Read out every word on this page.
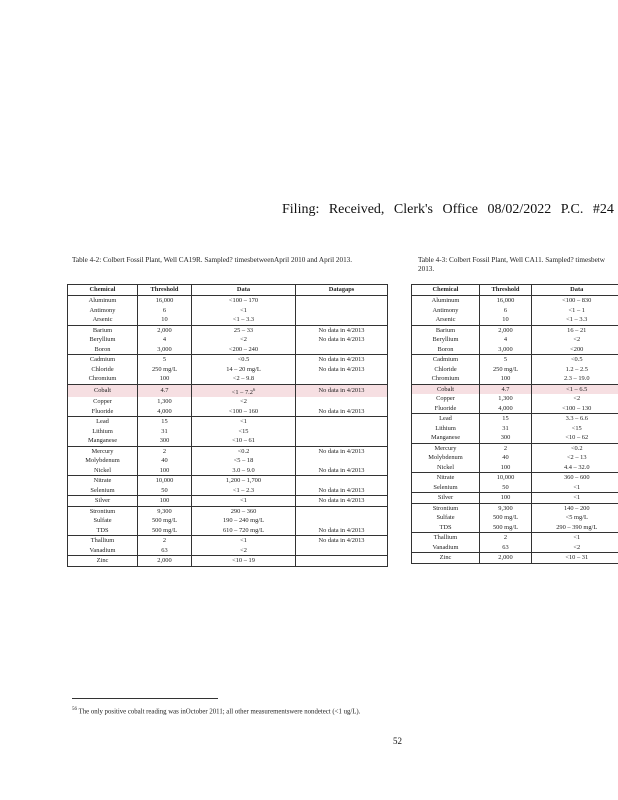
Filing: Received, Clerk's Office 08/02/2022 P.C. #24
Table 4-2: Colbert Fossil Plant, Well CA19R. Sampled? timesbetweenApril 2010 and April 2013.	Table 4-3: Colbert Fossil Plant, Well CA11. Sampled? timesbetw
2013.
Chemical	Threshold	Data	Datagaps
Aluminum	16,000	<100 – 170	
Antimony	6	<1	
Arsenic	10	<1 – 3.3	
Barium	2,000	25 – 33	No data in 4/2013
Beryllium	4	<2	No data in 4/2013
Boron	3,000	<200 – 240	
Cadmium	5	<0.5	No data in 4/2013
Chloride	250 mg/L	14 – 20 mg/L	No data in 4/2013
Chromium	100	<2 – 9.8	
Cobalt	4.7	$<1 - 7.2^6$	No data in 4/2013
Copper	1,300	<2	
Fluoride	4,000	<100 – 160	No data in 4/2013
Lead	15	<1	
Lithium	31	<15	
Manganese	300	<10 – 61	
Mercury	2	<0.2	No data in 4/2013
Molybdenum	40	<5 – 18	
Nickel	100	3.0 – 9.0	No data in 4/2013
Nitrate	10,000	1,200 – 1,700	
Selenium	50	<1 – 2.3	No data in 4/2013
Silver	100	<1	No data in 4/2013
Strontium	9,300	290 – 360	
Sulfate	500 mg/L	190 – 240 mg/L	
TDS	500 mg/L	610 – 720 mg/L	No data in 4/2013
Thallium	2	<1	No data in 4/2013
Vanadium	63	<2	
Zinc	2,000	<10 – 19	
Chemical	Threshold	Data
Aluminum	16,000	<100 – 830
Antimony	6	<1 – 1
Arsenic	10	<1 – 3.3
Barium	2,000	16 – 21
Beryllium	4	<2
Boron	3,000	<200
Cadmium	5	<0.5
Chloride	250 mg/L	1.2 – 2.5
Chromium	100	2.3 – 19.0
Cobalt	4.7	<1 – 6.5
Copper	1,300	<2
Fluoride	4,000	<100 – 130
Lead	15	3.3 – 6.6
Lithium	31	<15
Manganese	300	<10 – 62
Mercury	2	<0.2
Molybdenum	40	<2 – 13
Nickel	100	4.4 – 32.0
Nitrate	10,000	360 – 600
Selenium	50	<1
Silver	100	<1
Strontium	9,300	140 – 200
Sulfate	500 mg/L	<5 mg/L
TDS	500 mg/L	290 – 390 mg/L
Thallium	2	<1
Vanadium	63	<2
Zinc	2,000	<10 – 31
$^{56}$ The only positive cobalt reading was inOctober 2011; all other measurementswere nondetect (<1 ug/L).
52
